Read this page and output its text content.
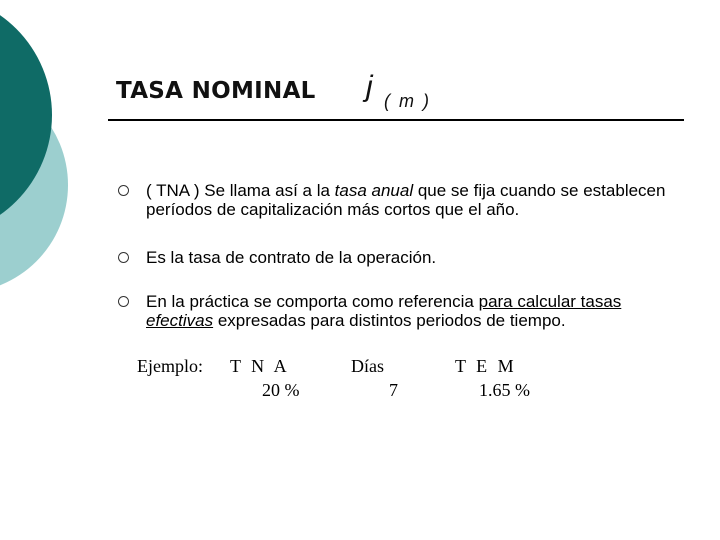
TASA NOMINAL j ( m )
( TNA ) Se llama así a la tasa anual que se fija cuando se establecen períodos de capitalización más cortos que el año.
Es la tasa de contrato de la operación.
En la práctica se comporta como referencia para calcular tasas efectivas expresadas para distintos periodos de tiempo.
Ejemplo: T N A
20 %
Días
7
T E M
1.65 %
